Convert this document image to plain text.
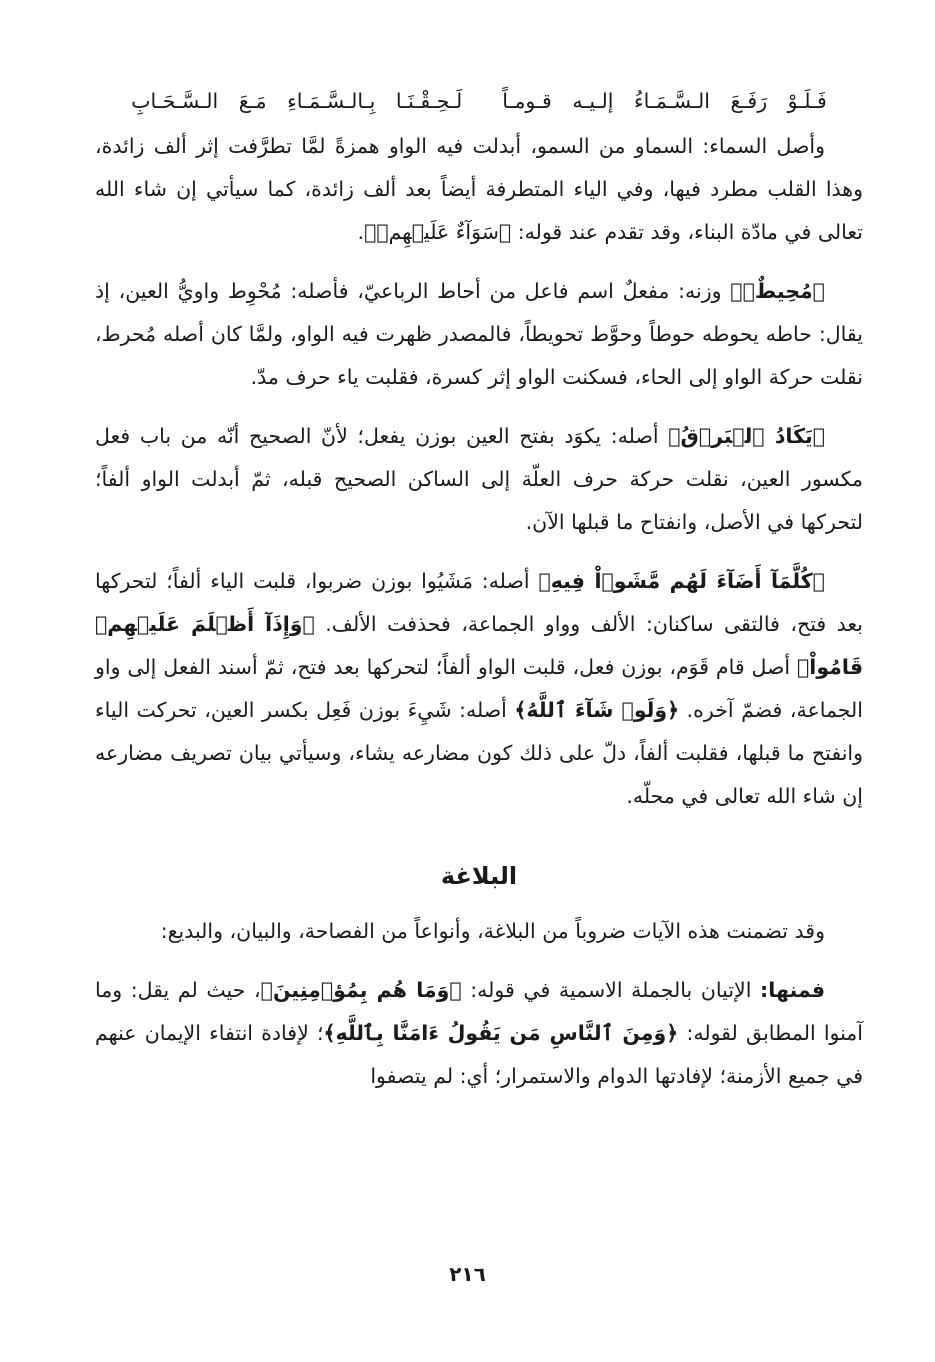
فَـلَـوْ رَفَـعَ الـسَّـمَـاءُ إلـيـه قـومـاًلَـحِـقْـنَـا بِـالـسَّـمَـاءِ مَـعَ الـسَّـحَـابِ

وأصل السماء: السماو من السمو، أبدلت فيه الواو همزةً لمَّا تطرَّفت إثر ألف زائدة، وهذا القلب مطرد فيها، وفي الياء المتطرفة أيضاً بعد ألف زائدة، كما سيأتي إن شاء الله تعالى في مادّة البناء، وقد تقدم عند قوله: ﴿سَوَآءٌ عَلَيۡهِمۡ﴾.

﴿مُحِيطٌۢ﴾ وزنه: مفعلٌ اسم فاعل من أحاط الرباعيّ، فأصله: مُحْوِط واويُّ العين، إذ يقال: حاطه يحوطه حوطاً وحوَّط تحويطاً، فالمصدر ظهرت فيه الواو، ولمَّا كان أصله مُحرط، نقلت حركة الواو إلى الحاء، فسكنت الواو إثر كسرة، فقلبت ياء حرف مدّ.

﴿يَكَادُ ٱلۡبَرۡقُ﴾ أصله: يكوَد بفتح العين بوزن يفعل؛ لأنّ الصحيح أنّه من باب فعل مكسور العين، نقلت حركة حرف العلّة إلى الساكن الصحيح قبله، ثمّ أبدلت الواو ألفاً؛ لتحركها في الأصل، وانفتاح ما قبلها الآن.

﴿كُلَّمَآ أَضَآءَ لَهُم مَّشَوۡاْ فِيهِ﴾ أصله: مَشَيُوا بوزن ضربوا، قلبت الياء ألفاً؛ لتحركها بعد فتح، فالتقى ساكنان: الألف وواو الجماعة، فحذفت الألف. ﴿وَإِذَآ أَظۡلَمَ عَلَيۡهِمۡ قَامُواْ﴾ أصل قام قَوَم، بوزن فعل، قلبت الواو ألفاً؛ لتحركها بعد فتح، ثمّ أسند الفعل إلى واو الجماعة، فضمّ آخره. ﴿وَلَوۡ شَآءَ ٱللَّهُ﴾ أصله: شَيِءَ بوزن فَعِل بكسر العين، تحركت الياء وانفتح ما قبلها، فقلبت ألفاً، دلّ على ذلك كون مضارعه يشاء، وسيأتي بيان تصريف مضارعه إن شاء الله تعالى في محلّه.

البلاغة

وقد تضمنت هذه الآيات ضروباً من البلاغة، وأنواعاً من الفصاحة، والبيان، والبديع:

فمنها: الإتيان بالجملة الاسمية في قوله: ﴿وَمَا هُم بِمُؤۡمِنِينَ﴾، حيث لم يقل: وما آمنوا المطابق لقوله: ﴿وَمِنَ ٱلنَّاسِ مَن يَقُولُ ءَامَنَّا بِٱللَّهِ﴾؛ لإفادة انتفاء الإيمان عنهم في جميع الأزمنة؛ لإفادتها الدوام والاستمرار؛ أي: لم يتصفوا

٢١٦
